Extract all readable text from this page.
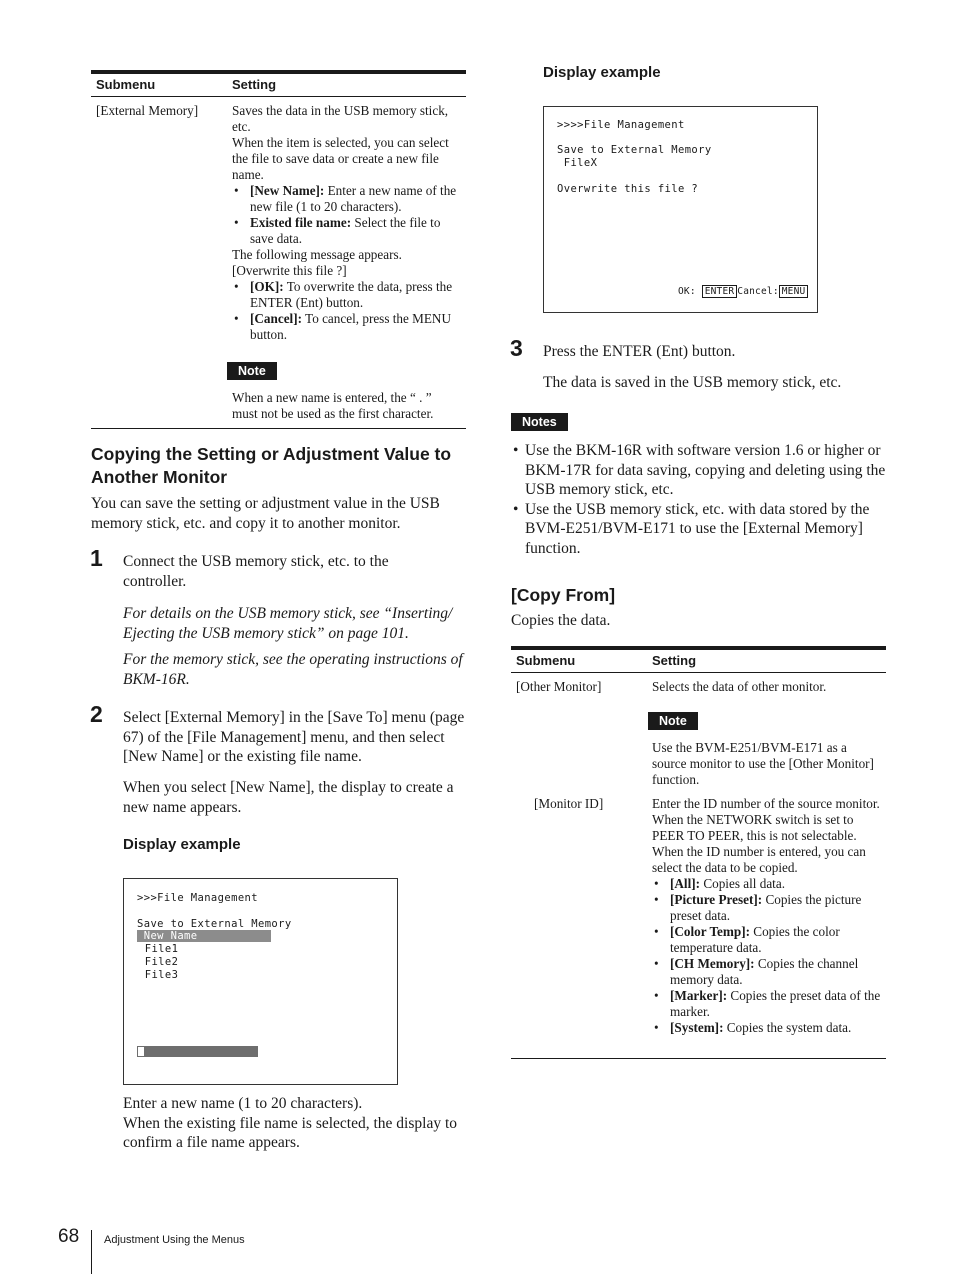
Submenu	Setting
[External Memory]	Saves the data in the USB memory stick, etc.
When the item is selected, you can select the file to save data or create a new file name.
• [New Name]: Enter a new name of the new file (1 to 20 characters).
• Existed file name: Select the file to save data.
The following message appears.
[Overwrite this file ?]
• [OK]: To overwrite the data, press the ENTER (Ent) button.
• [Cancel]: To cancel, press the MENU button.
Note
When a new name is entered, the “ . ” must not be used as the first character.
Copying the Setting or Adjustment Value to Another Monitor
You can save the setting or adjustment value in the USB memory stick, etc. and copy it to another monitor.
1 Connect the USB memory stick, etc. to the controller.
For details on the USB memory stick, see “Inserting/ Ejecting the USB memory stick” on page 101.
For the memory stick, see the operating instructions of BKM-16R.
2 Select [External Memory] in the [Save To] menu (page 67) of the [File Management] menu, and then select [New Name] or the existing file name.
When you select [New Name], the display to create a new name appears.
Display example
>>>File Management
Save to External Memory
New Name
File1
File2
File3
Enter a new name (1 to 20 characters).
When the existing file name is selected, the display to confirm a file name appears.
Display example
>>>>File Management
Save to External Memory
FileX
Overwrite this file ?
OK: ENTER Cancel: MENU
3 Press the ENTER (Ent) button.
The data is saved in the USB memory stick, etc.
Notes
• Use the BKM-16R with software version 1.6 or higher or BKM-17R for data saving, copying and deleting using the USB memory stick, etc.
• Use the USB memory stick, etc. with data stored by the BVM-E251/BVM-E171 to use the [External Memory] function.
[Copy From]
Copies the data.
Submenu	Setting
[Other Monitor]	Selects the data of other monitor.
Note
Use the BVM-E251/BVM-E171 as a source monitor to use the [Other Monitor] function.
[Monitor ID]	Enter the ID number of the source monitor.
When the NETWORK switch is set to PEER TO PEER, this is not selectable.
When the ID number is entered, you can select the data to be copied.
• [All]: Copies all data.
• [Picture Preset]: Copies the picture preset data.
• [Color Temp]: Copies the color temperature data.
• [CH Memory]: Copies the channel memory data.
• [Marker]: Copies the preset data of the marker.
• [System]: Copies the system data.
68 Adjustment Using the Menus
